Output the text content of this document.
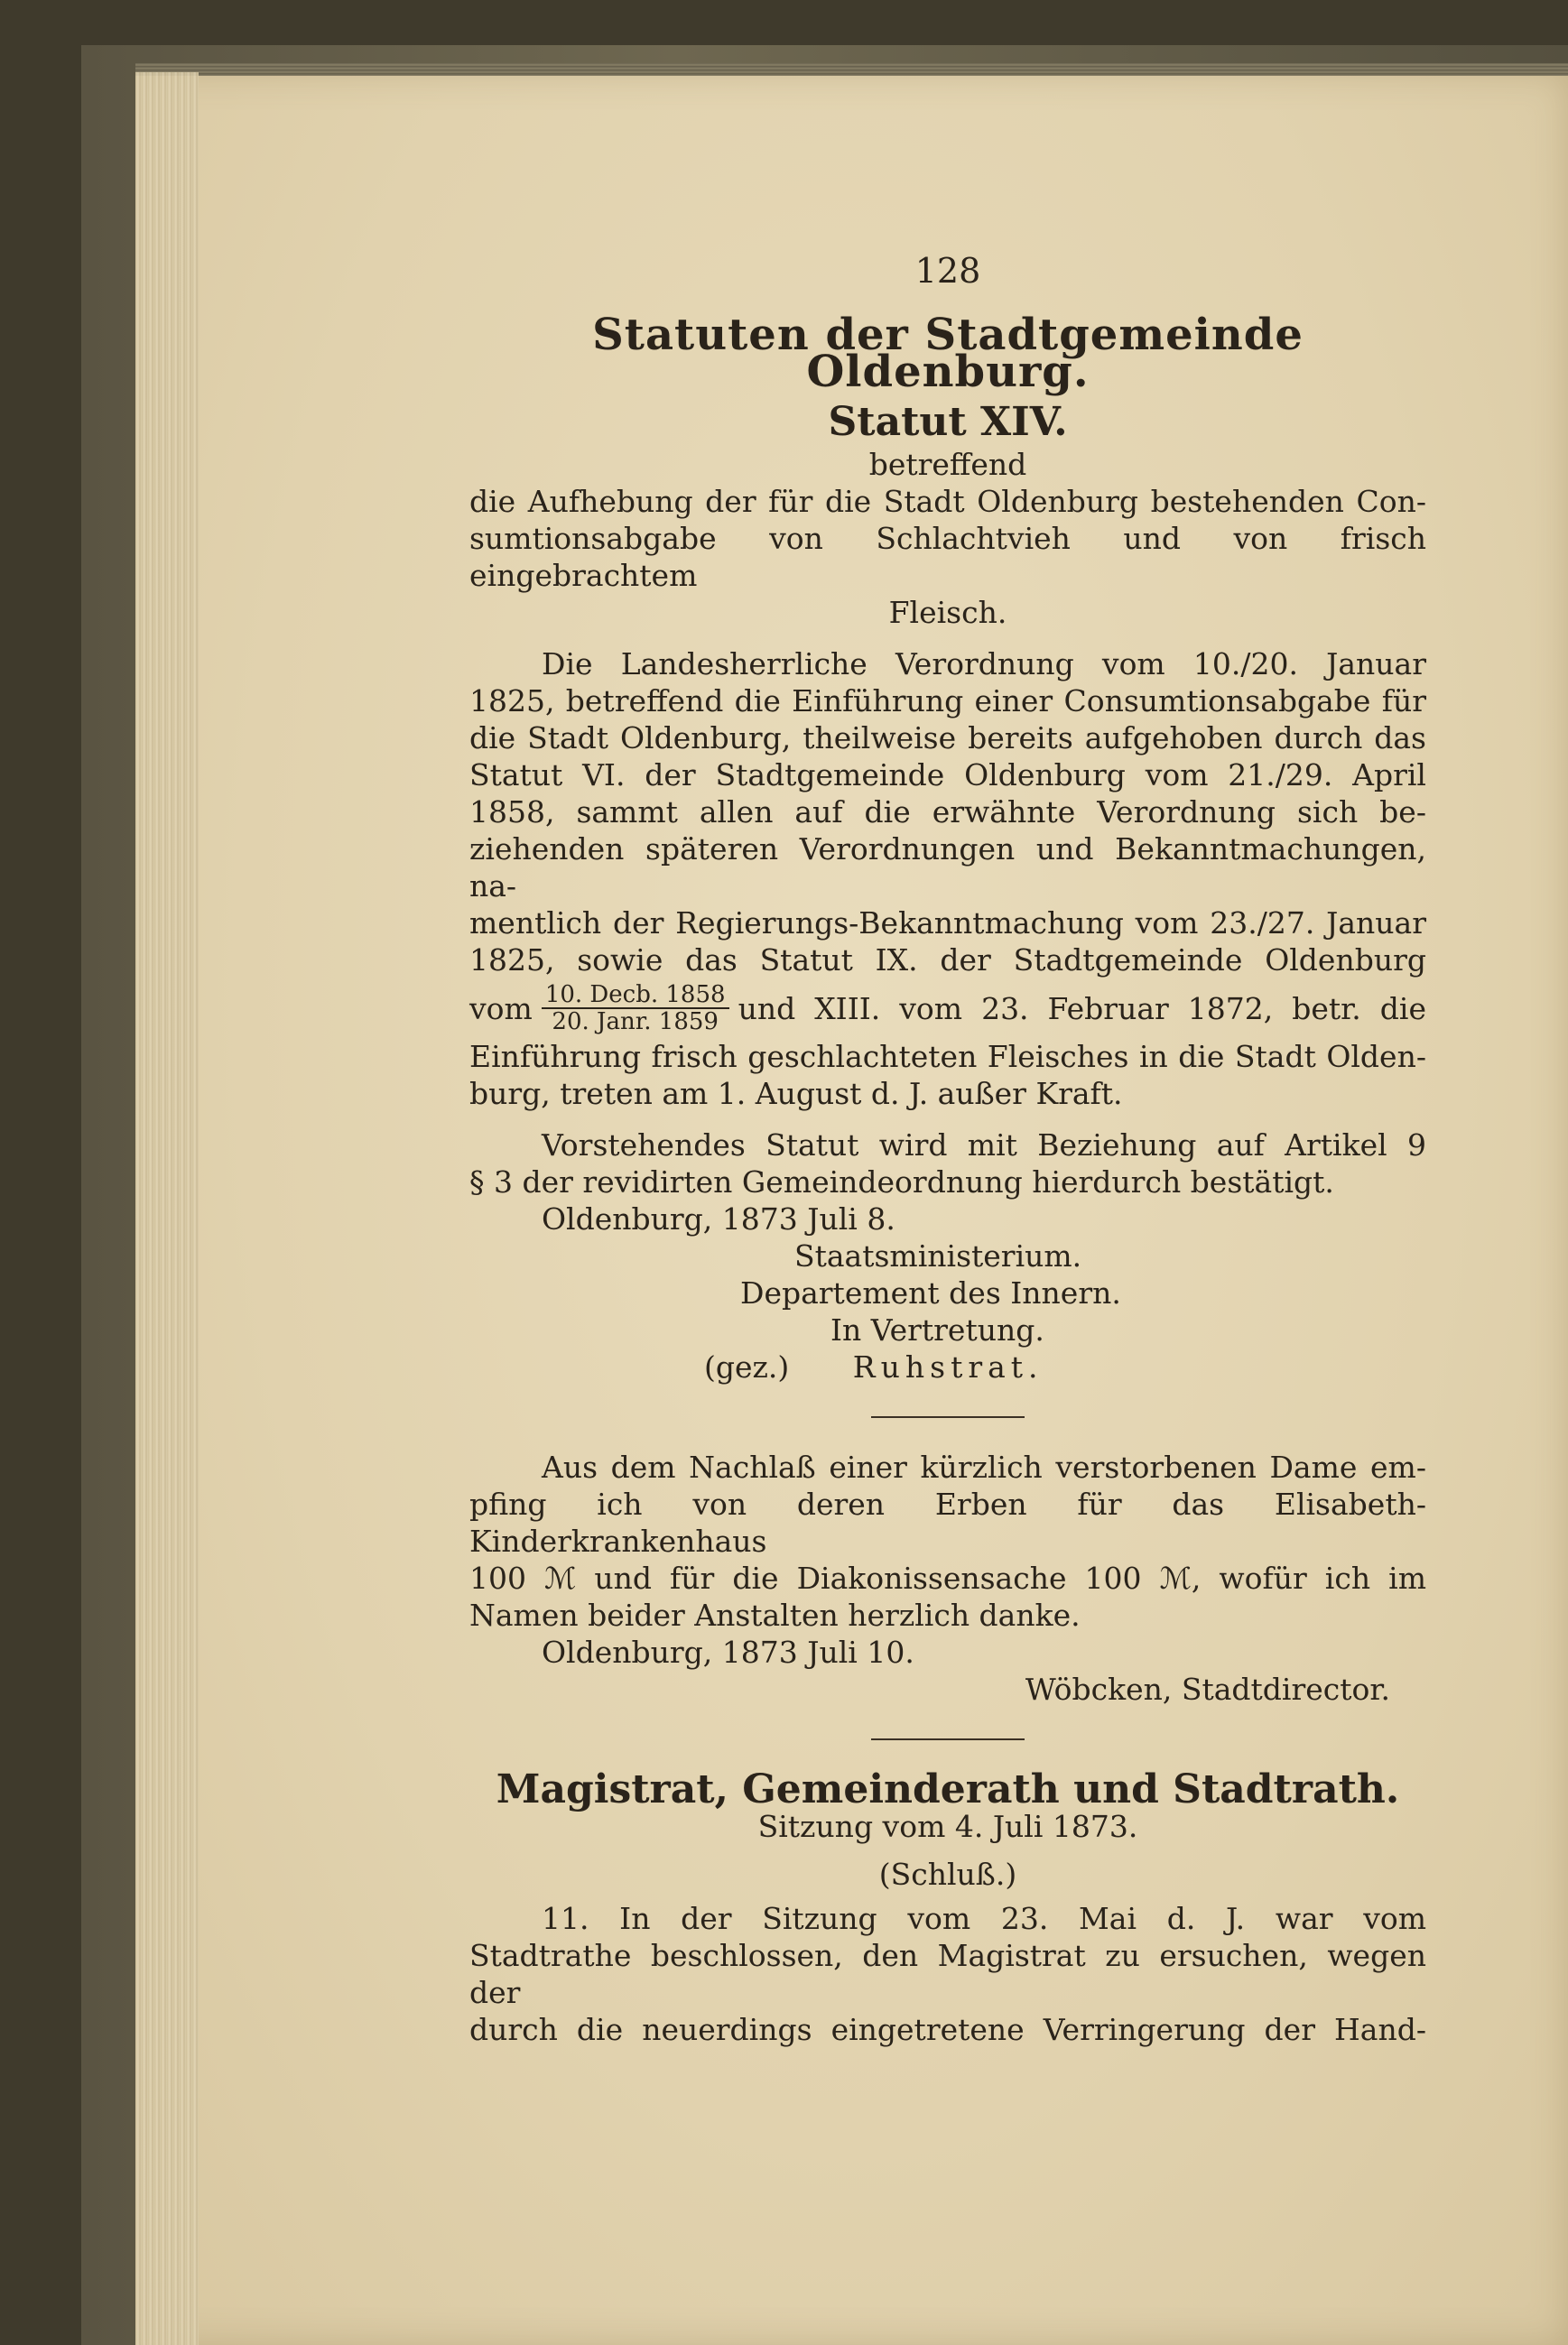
128
Statuten der Stadtgemeinde Oldenburg.
Statut XIV.
betreffend
die Aufhebung der für die Stadt Oldenburg bestehenden Con-
sumtionsabgabe von Schlachtvieh und von frisch eingebrachtem
Fleisch.
Die Landesherrliche Verordnung vom 10./20. Januar
1825, betreffend die Einführung einer Consumtionsabgabe für
die Stadt Oldenburg, theilweise bereits aufgehoben durch das
Statut VI. der Stadtgemeinde Oldenburg vom 21./29. April
1858, sammt allen auf die erwähnte Verordnung sich be-
ziehenden späteren Verordnungen und Bekanntmachungen, na-
mentlich der Regierungs-Bekanntmachung vom 23./27. Januar
1825, sowie das Statut IX. der Stadtgemeinde Oldenburg
vom $\frac{\text{10. Decb. 1858}}{\text{20. Janr. 1859}}$ und XIII. vom 23. Februar 1872, betr. die
Einführung frisch geschlachteten Fleisches in die Stadt Olden-
burg, treten am 1. August d. J. außer Kraft.
Vorstehendes Statut wird mit Beziehung auf Artikel 9
§ 3 der revidirten Gemeindeordnung hierdurch bestätigt.
Oldenburg, 1873 Juli 8.
Staatsministerium.
Departement des Innern.
In Vertretung.
(gez.) Ruhstrat.
Aus dem Nachlaß einer kürzlich verstorbenen Dame em-
pfing ich von deren Erben für das Elisabeth-Kinderkrankenhaus
100 ℳ und für die Diakonissensache 100 ℳ, wofür ich im
Namen beider Anstalten herzlich danke.
Oldenburg, 1873 Juli 10.
Wöbcken, Stadtdirector.
Magistrat, Gemeinderath und Stadtrath.
Sitzung vom 4. Juli 1873.
(Schluß.)
11. In der Sitzung vom 23. Mai d. J. war vom
Stadtrathe beschlossen, den Magistrat zu ersuchen, wegen der
durch die neuerdings eingetretene Verringerung der Hand-
